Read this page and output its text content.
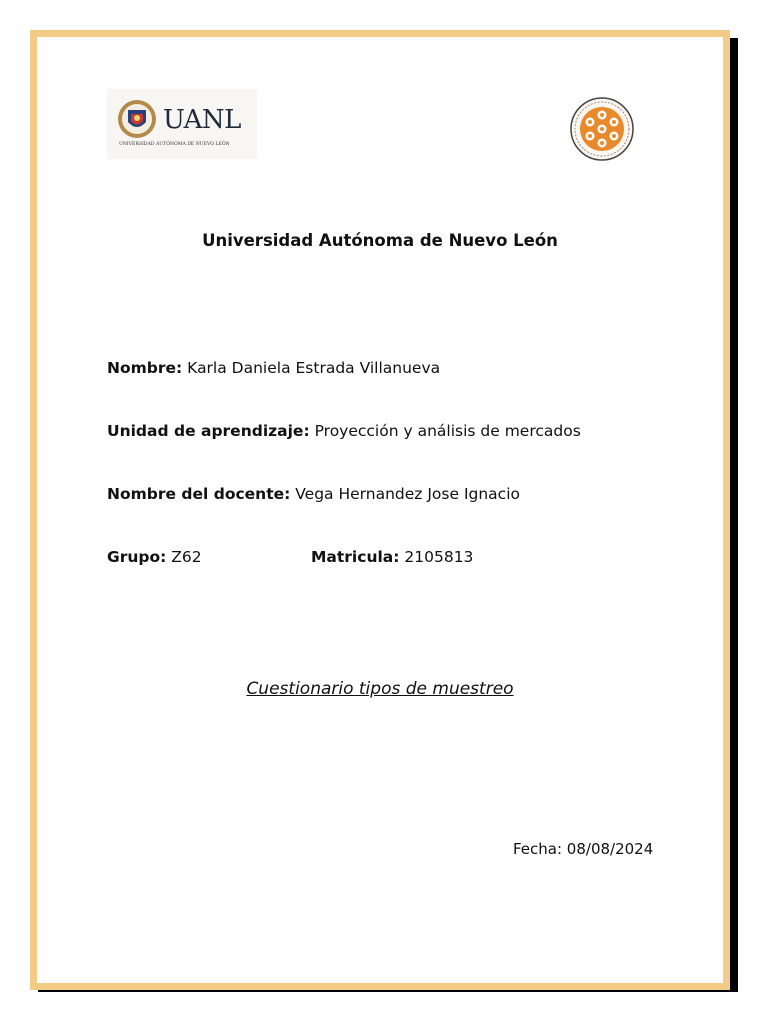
UANL
UNIVERSIDAD AUTÓNOMA DE NUEVO LEÓN
Universidad Autónoma de Nuevo León
Nombre: Karla Daniela Estrada Villanueva
Unidad de aprendizaje: Proyección y análisis de mercados
Nombre del docente: Vega Hernandez Jose Ignacio
Grupo: Z62	Matricula: 2105813
Cuestionario tipos de muestreo
Fecha: 08/08/2024
